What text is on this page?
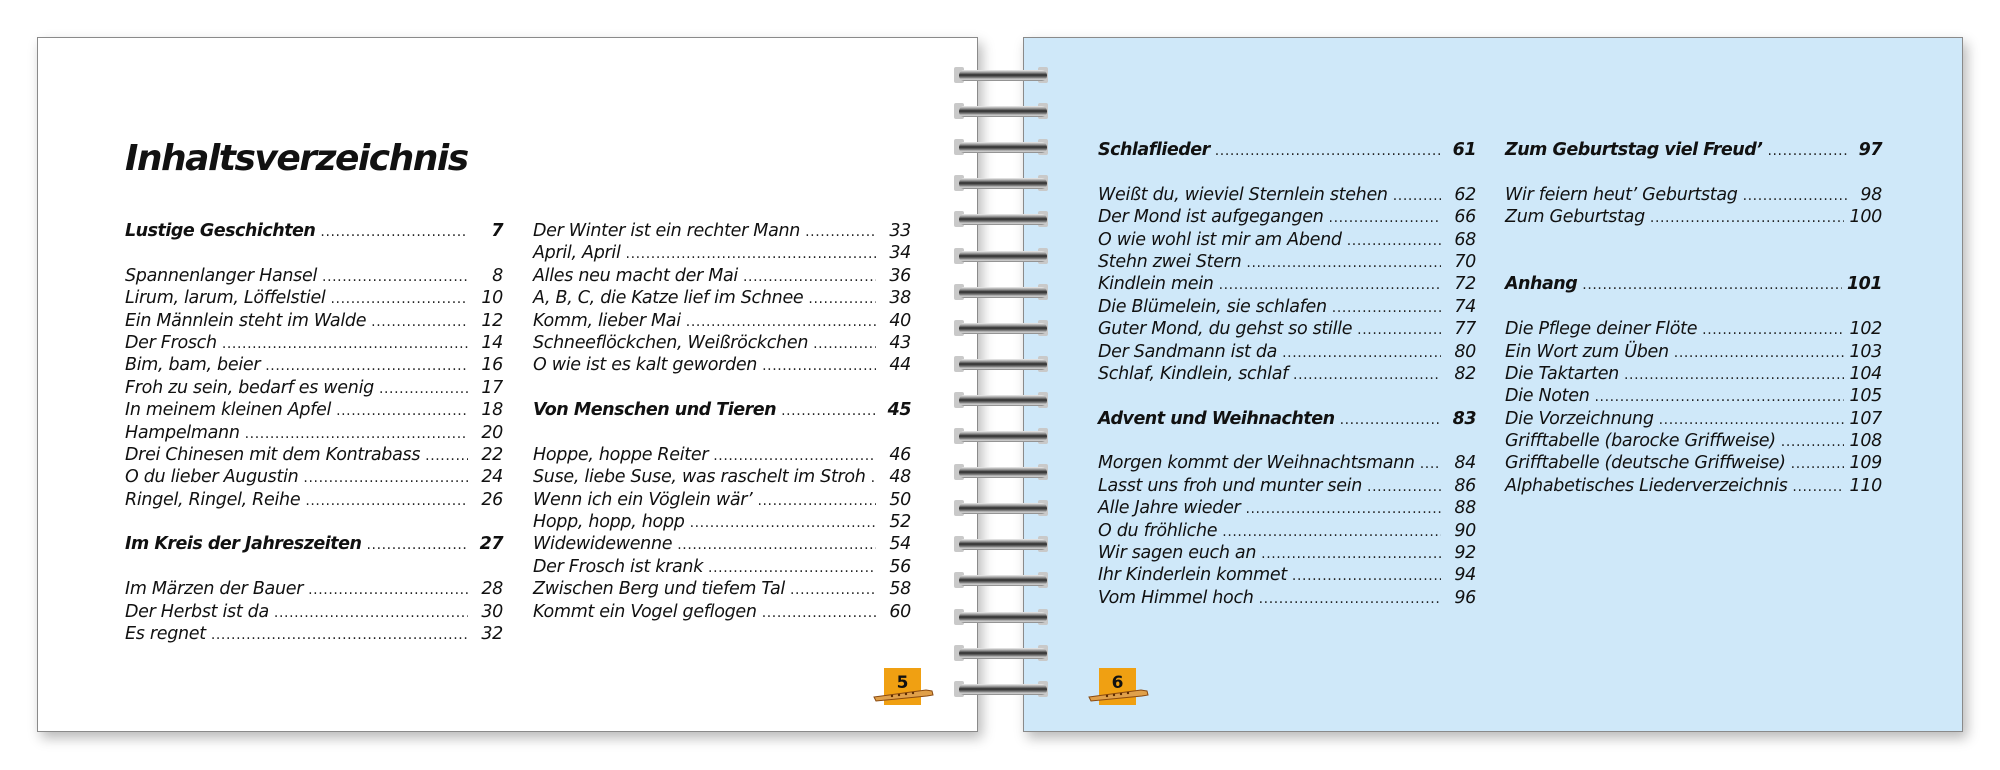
Inhaltsverzeichnis
Lustige Geschichten .....	7
Spannenlanger Hansel .....	8
Lirum, larum, Löffelstiel .....	10
Ein Männlein steht im Walde .....	12
Der Frosch .....	14
Bim, bam, beier .....	16
Froh zu sein, bedarf es wenig .....	17
In meinem kleinen Apfel .....	18
Hampelmann .....	20
Drei Chinesen mit dem Kontrabass .....	22
O du lieber Augustin .....	24
Ringel, Ringel, Reihe .....	26
Im Kreis der Jahreszeiten .....	27
Im Märzen der Bauer .....	28
Der Herbst ist da .....	30
Es regnet .....	32
Der Winter ist ein rechter Mann .....	33
April, April .....	34
Alles neu macht der Mai .....	36
A, B, C, die Katze lief im Schnee .....	38
Komm, lieber Mai .....	40
Schneeflöckchen, Weißröckchen .....	43
O wie ist es kalt geworden .....	44
Von Menschen und Tieren .....	45
Hoppe, hoppe Reiter .....	46
Suse, liebe Suse, was raschelt im Stroh .....	48
Wenn ich ein Vöglein wär’ .....	50
Hopp, hopp, hopp .....	52
Widewidewenne .....	54
Der Frosch ist krank .....	56
Zwischen Berg und tiefem Tal .....	58
Kommt ein Vogel geflogen .....	60
Schlaflieder .....	61
Weißt du, wieviel Sternlein stehen .....	62
Der Mond ist aufgegangen .....	66
O wie wohl ist mir am Abend .....	68
Stehn zwei Stern .....	70
Kindlein mein .....	72
Die Blümelein, sie schlafen .....	74
Guter Mond, du gehst so stille .....	77
Der Sandmann ist da .....	80
Schlaf, Kindlein, schlaf .....	82
Advent und Weihnachten .....	83
Morgen kommt der Weihnachtsmann .....	84
Lasst uns froh und munter sein .....	86
Alle Jahre wieder .....	88
O du fröhliche .....	90
Wir sagen euch an .....	92
Ihr Kinderlein kommet .....	94
Vom Himmel hoch .....	96
Zum Geburtstag viel Freud’ .....	97
Wir feiern heut’ Geburtstag .....	98
Zum Geburtstag .....	100
Anhang .....	101
Die Pflege deiner Flöte .....	102
Ein Wort zum Üben .....	103
Die Taktarten .....	104
Die Noten .....	105
Die Vorzeichnung .....	107
Grifftabelle (barocke Griffweise) .....	108
Grifftabelle (deutsche Griffweise) .....	109
Alphabetisches Liederverzeichnis .....	110
5	6
